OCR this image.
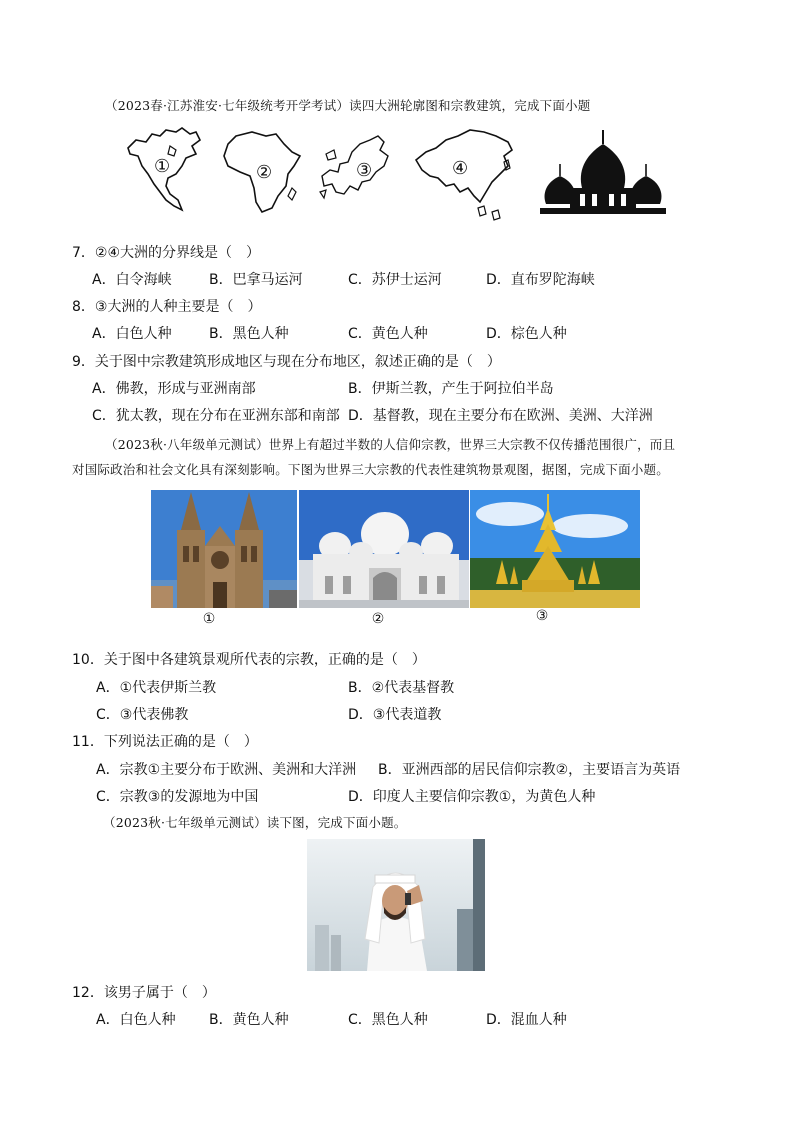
（2023春·江苏淮安·七年级统考开学考试）读四大洲轮廓图和宗教建筑，完成下面小题
①	②	③	④
7．②④大洲的分界线是（　）
A．白令海峡	B．巴拿马运河	C．苏伊士运河	D．直布罗陀海峡
8．③大洲的人种主要是（　）
A．白色人种	B．黑色人种	C．黄色人种	D．棕色人种
9．关于图中宗教建筑形成地区与现在分布地区，叙述正确的是（　）
A．佛教，形成与亚洲南部	B．伊斯兰教，产生于阿拉伯半岛
C．犹太教，现在分布在亚洲东部和南部 D．基督教，现在主要分布在欧洲、美洲、大洋洲
（2023秋·八年级单元测试）世界上有超过半数的人信仰宗教，世界三大宗教不仅传播范围很广，而且
对国际政治和社会文化具有深刻影响。下图为世界三大宗教的代表性建筑物景观图，据图，完成下面小题。
①	②	③
10．关于图中各建筑景观所代表的宗教，正确的是（　）
A．①代表伊斯兰教	B．②代表基督教
C．③代表佛教	D．③代表道教
11．下列说法正确的是（　）
A．宗教①主要分布于欧洲、美洲和大洋洲 B．亚洲西部的居民信仰宗教②，主要语言为英语
C．宗教③的发源地为中国	D．印度人主要信仰宗教①，为黄色人种
（2023秋·七年级单元测试）读下图，完成下面小题。
12．该男子属于（　）
A．白色人种 B．黄色人种	C．黑色人种	D．混血人种
